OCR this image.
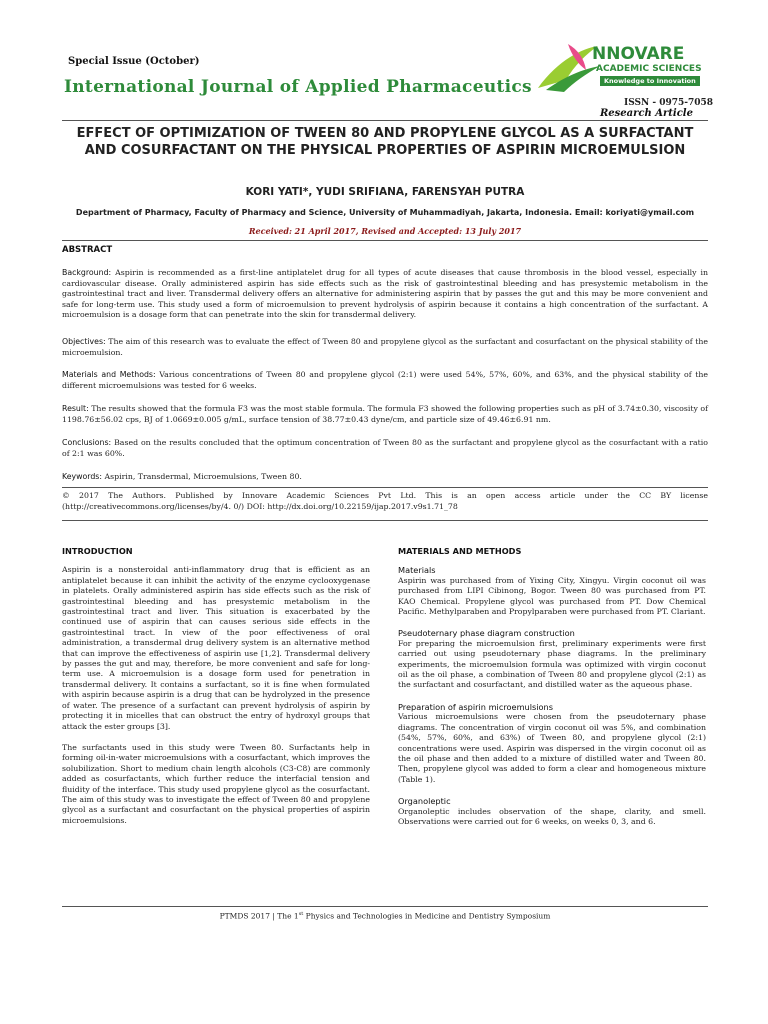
Special Issue (October)
International Journal of Applied Pharmaceutics
NNOVARE
ACADEMIC SCIENCES
Knowledge to Innovation
ISSN - 0975-7058
Research Article
EFFECT OF OPTIMIZATION OF TWEEN 80 AND PROPYLENE GLYCOL AS A SURFACTANT AND COSURFACTANT ON THE PHYSICAL PROPERTIES OF ASPIRIN MICROEMULSION
KORI YATI*, YUDI SRIFIANA, FARENSYAH PUTRA
Department of Pharmacy, Faculty of Pharmacy and Science, University of Muhammadiyah, Jakarta, Indonesia. Email: koriyati@ymail.com
Received: 21 April 2017, Revised and Accepted: 13 July 2017
ABSTRACT
Background: Aspirin is recommended as a first-line antiplatelet drug for all types of acute diseases that cause thrombosis in the blood vessel, especially in cardiovascular disease. Orally administered aspirin has side effects such as the risk of gastrointestinal bleeding and has presystemic metabolism in the gastrointestinal tract and liver. Transdermal delivery offers an alternative for administering aspirin that by passes the gut and this may be more convenient and safe for long-term use. This study used a form of microemulsion to prevent hydrolysis of aspirin because it contains a high concentration of the surfactant. A microemulsion is a dosage form that can penetrate into the skin for transdermal delivery.
Objectives: The aim of this research was to evaluate the effect of Tween 80 and propylene glycol as the surfactant and cosurfactant on the physical stability of the microemulsion.
Materials and Methods: Various concentrations of Tween 80 and propylene glycol (2:1) were used 54%, 57%, 60%, and 63%, and the physical stability of the different microemulsions was tested for 6 weeks.
Result: The results showed that the formula F3 was the most stable formula. The formula F3 showed the following properties such as pH of 3.74±0.30, viscosity of 1198.76±56.02 cps, BJ of 1.0669±0.005 g/mL, surface tension of 38.77±0.43 dyne/cm, and particle size of 49.46±6.91 nm.
Conclusions: Based on the results concluded that the optimum concentration of Tween 80 as the surfactant and propylene glycol as the cosurfactant with a ratio of 2:1 was 60%.
Keywords: Aspirin, Transdermal, Microemulsions, Tween 80.
© 2017 The Authors. Published by Innovare Academic Sciences Pvt Ltd. This is an open access article under the CC BY license (http://creativecommons.org/licenses/by/4. 0/) DOI: http://dx.doi.org/10.22159/ijap.2017.v9s1.71_78
INTRODUCTION
Aspirin is a nonsteroidal anti-inflammatory drug that is efficient as an antiplatelet because it can inhibit the activity of the enzyme cyclooxygenase in platelets. Orally administered aspirin has side effects such as the risk of gastrointestinal bleeding and has presystemic metabolism in the gastrointestinal tract and liver. This situation is exacerbated by the continued use of aspirin that can causes serious side effects in the gastrointestinal tract. In view of the poor effectiveness of oral administration, a transdermal drug delivery system is an alternative method that can improve the effectiveness of aspirin use [1,2]. Transdermal delivery by passes the gut and may, therefore, be more convenient and safe for long-term use. A microemulsion is a dosage form used for penetration in transdermal delivery. It contains a surfactant, so it is fine when formulated with aspirin because aspirin is a drug that can be hydrolyzed in the presence of water. The presence of a surfactant can prevent hydrolysis of aspirin by protecting it in micelles that can obstruct the entry of hydroxyl groups that attack the ester groups [3].
The surfactants used in this study were Tween 80. Surfactants help in forming oil-in-water microemulsions with a cosurfactant, which improves the solubilization. Short to medium chain length alcohols (C3-C8) are commonly added as cosurfactants, which further reduce the interfacial tension and fluidity of the interface. This study used propylene glycol as the cosurfactant. The aim of this study was to investigate the effect of Tween 80 and propylene glycol as a surfactant and cosurfactant on the physical properties of aspirin microemulsions.
MATERIALS AND METHODS
Materials
Aspirin was purchased from of Yixing City, Xingyu. Virgin coconut oil was purchased from LIPI Cibinong, Bogor. Tween 80 was purchased from PT. KAO Chemical. Propylene glycol was purchased from PT. Dow Chemical Pacific. Methylparaben and Propylparaben were purchased from PT. Clariant.
Pseudoternary phase diagram construction
For preparing the microemulsion first, preliminary experiments were first carried out using pseudoternary phase diagrams. In the preliminary experiments, the microemulsion formula was optimized with virgin coconut oil as the oil phase, a combination of Tween 80 and propylene glycol (2:1) as the surfactant and cosurfactant, and distilled water as the aqueous phase.
Preparation of aspirin microemulsions
Various microemulsions were chosen from the pseudoternary phase diagrams. The concentration of virgin coconut oil was 5%, and combination (54%, 57%, 60%, and 63%) of Tween 80, and propylene glycol (2:1) concentrations were used. Aspirin was dispersed in the virgin coconut oil as the oil phase and then added to a mixture of distilled water and Tween 80. Then, propylene glycol was added to form a clear and homogeneous mixture (Table 1).
Organoleptic
Organoleptic includes observation of the shape, clarity, and smell. Observations were carried out for 6 weeks, on weeks 0, 3, and 6.
PTMDS 2017 | The 1st Physics and Technologies in Medicine and Dentistry Symposium
